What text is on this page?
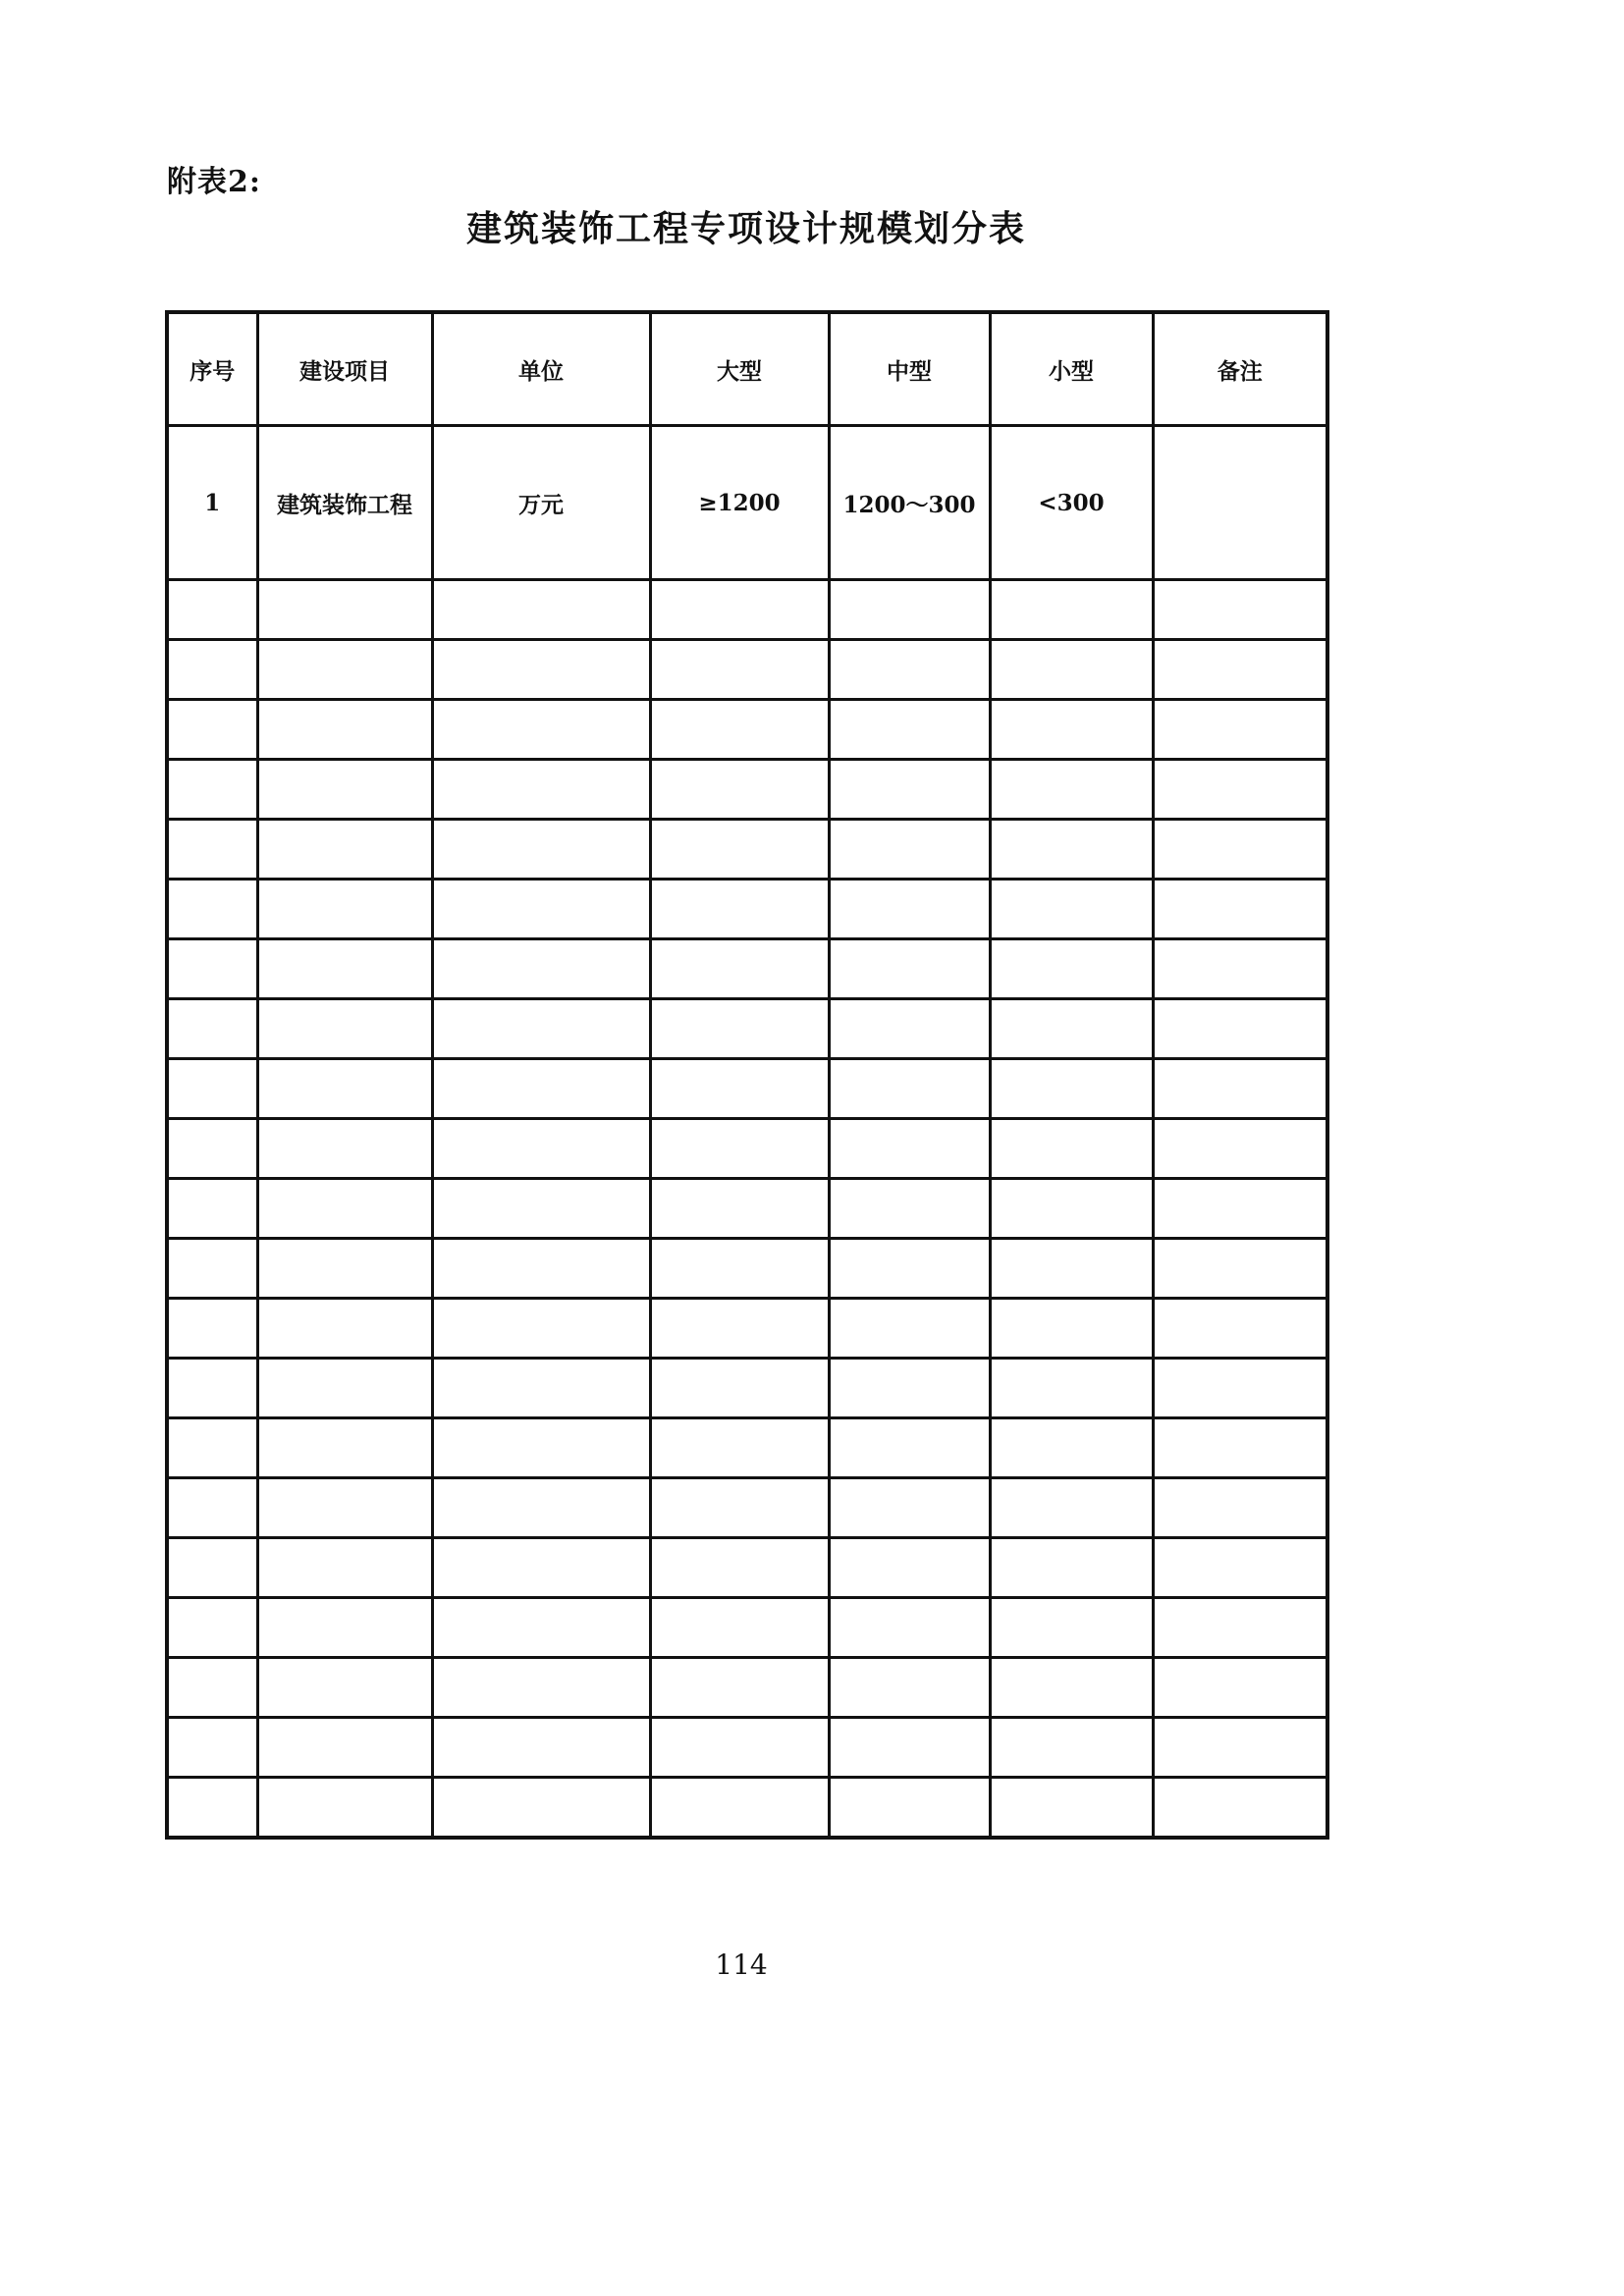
附表2:
建筑装饰工程专项设计规模划分表
序号	建设项目	单位	大型	中型	小型	备注
1	建筑装饰工程	万元	≥1200	1200～300	<300	

114
